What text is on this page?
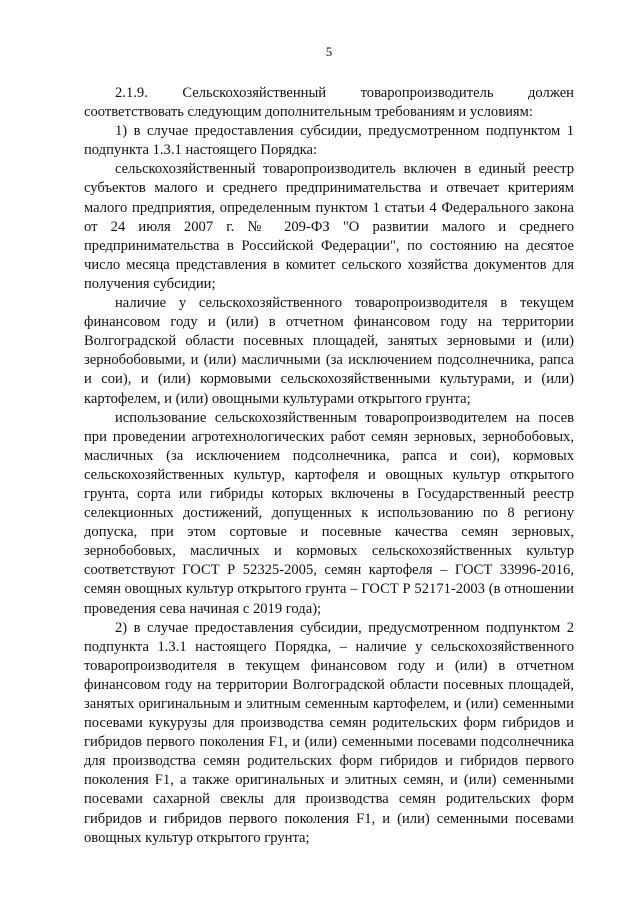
5

2.1.9. Сельскохозяйственный товаропроизводитель должен соответствовать следующим дополнительным требованиям и условиям:

1) в случае предоставления субсидии, предусмотренном подпунктом 1 подпункта 1.3.1 настоящего Порядка:

сельскохозяйственный товаропроизводитель включен в единый реестр субъектов малого и среднего предпринимательства и отвечает критериям малого предприятия, определенным пунктом 1 статьи 4 Федерального закона от 24 июля 2007 г. № 209-ФЗ "О развитии малого и среднего предпринимательства в Российской Федерации", по состоянию на десятое число месяца представления в комитет сельского хозяйства документов для получения субсидии;

наличие у сельскохозяйственного товаропроизводителя в текущем финансовом году и (или) в отчетном финансовом году на территории Волгоградской области посевных площадей, занятых зерновыми и (или) зернобобовыми, и (или) масличными (за исключением подсолнечника, рапса и сои), и (или) кормовыми сельскохозяйственными культурами, и (или) картофелем, и (или) овощными культурами открытого грунта;

использование сельскохозяйственным товаропроизводителем на посев при проведении агротехнологических работ семян зерновых, зернобобовых, масличных (за исключением подсолнечника, рапса и сои), кормовых сельскохозяйственных культур, картофеля и овощных культур открытого грунта, сорта или гибриды которых включены в Государственный реестр селекционных достижений, допущенных к использованию по 8 региону допуска, при этом сортовые и посевные качества семян зерновых, зернобобовых, масличных и кормовых сельскохозяйственных культур соответствуют ГОСТ Р 52325-2005, семян картофеля – ГОСТ 33996-2016, семян овощных культур открытого грунта – ГОСТ Р 52171-2003 (в отношении проведения сева начиная с 2019 года);

2) в случае предоставления субсидии, предусмотренном подпунктом 2 подпункта 1.3.1 настоящего Порядка, – наличие у сельскохозяйственного товаропроизводителя в текущем финансовом году и (или) в отчетном финансовом году на территории Волгоградской области посевных площадей, занятых оригинальным и элитным семенным картофелем, и (или) семенными посевами кукурузы для производства семян родительских форм гибридов и гибридов первого поколения F1, и (или) семенными посевами подсолнечника для производства семян родительских форм гибридов и гибридов первого поколения F1, а также оригинальных и элитных семян, и (или) семенными посевами сахарной свеклы для производства семян родительских форм гибридов и гибридов первого поколения F1, и (или) семенными посевами овощных культур открытого грунта;
